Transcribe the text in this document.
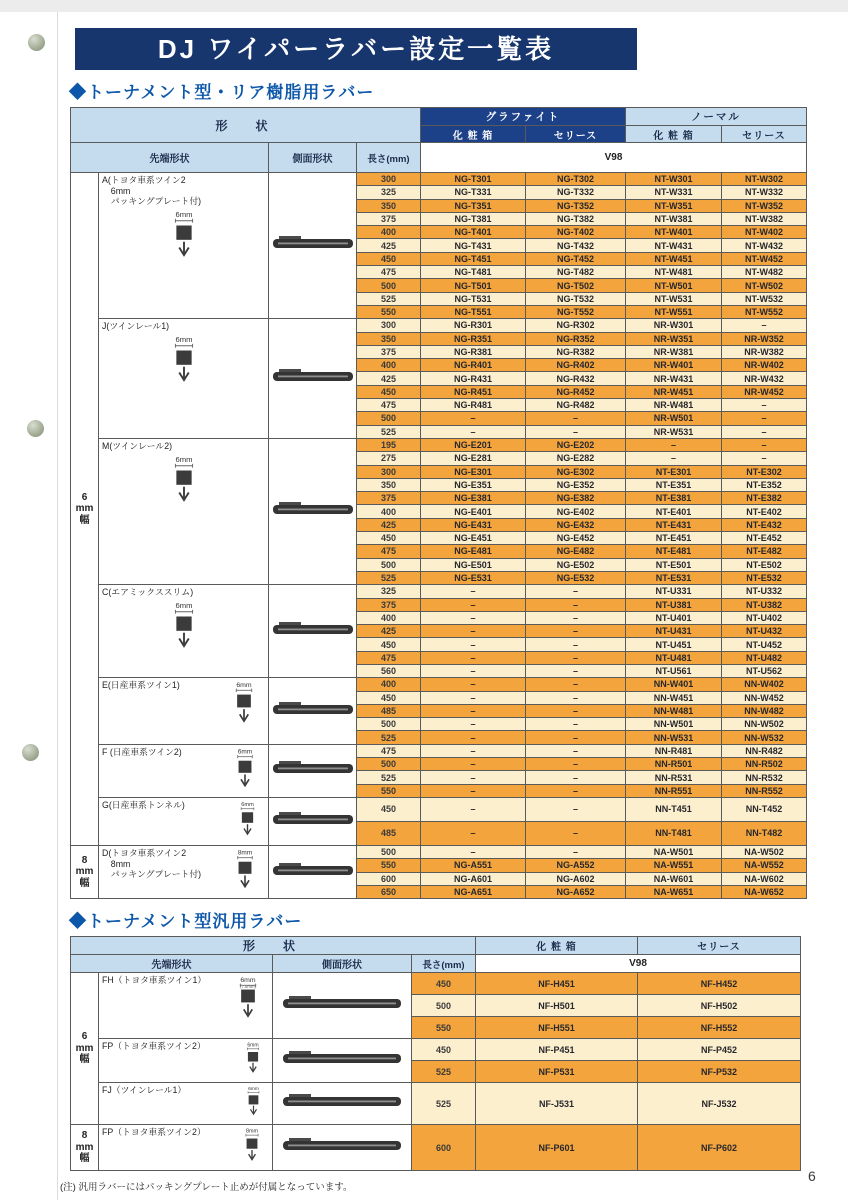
DJ ワイパーラバー設定一覧表
◆トーナメント型・リア樹脂用ラバー
形　状				グラファイト		ノーマル	
				化 粧 箱	セリース	化 粧 箱	セリース
先端形状		側面形状	長さ(mm)	V98			

6
mm
幅

A(トヨタ車系ツイン2
　6mm
　パッキングプレート付)
6mm
		300	NG-T301	NG-T302	NT-W301	NT-W302
			325	NG-T331	NG-T332	NT-W331	NT-W332
			350	NG-T351	NG-T352	NT-W351	NT-W352
			375	NG-T381	NG-T382	NT-W381	NT-W382
			400	NG-T401	NG-T402	NT-W401	NT-W402
			425	NG-T431	NG-T432	NT-W431	NT-W432
			450	NG-T451	NG-T452	NT-W451	NT-W452
			475	NG-T481	NG-T482	NT-W481	NT-W482
			500	NG-T501	NG-T502	NT-W501	NT-W502
			525	NG-T531	NG-T532	NT-W531	NT-W532
			550	NG-T551	NG-T552	NT-W551	NT-W552

	J(ツインレール1)
6mm		300	NG-R301	NG-R302	NR-W301	–
			350	NG-R351	NG-R352	NR-W351	NR-W352
			375	NG-R381	NG-R382	NR-W381	NR-W382
			400	NG-R401	NG-R402	NR-W401	NR-W402
			425	NG-R431	NG-R432	NR-W431	NR-W432
			450	NG-R451	NG-R452	NR-W451	NR-W452
			475	NG-R481	NG-R482	NR-W481	–
			500	–	–	NR-W501	–
			525	–	–	NR-W531	–

	M(ツインレール2)
6mm		195	NG-E201	NG-E202	–	–
			275	NG-E281	NG-E282	–	–
			300	NG-E301	NG-E302	NT-E301	NT-E302
			350	NG-E351	NG-E352	NT-E351	NT-E352
			375	NG-E381	NG-E382	NT-E381	NT-E382
			400	NG-E401	NG-E402	NT-E401	NT-E402
			425	NG-E431	NG-E432	NT-E431	NT-E432
			450	NG-E451	NG-E452	NT-E451	NT-E452
			475	NG-E481	NG-E482	NT-E481	NT-E482
			500	NG-E501	NG-E502	NT-E501	NT-E502
			525	NG-E531	NG-E532	NT-E531	NT-E532

	C(エアミックススリム)
6mm		325	–	–	NT-U331	NT-U332
			375	–	–	NT-U381	NT-U382
			400	–	–	NT-U401	NT-U402
			425	–	–	NT-U431	NT-U432
			450	–	–	NT-U451	NT-U452
			475	–	–	NT-U481	NT-U482
			560	–	–	NT-U561	NT-U562

	E(日産車系ツイン1) 6mm		400	–	–	NN-W401	NN-W402
			450	–	–	NN-W451	NN-W452
			485	–	–	NN-W481	NN-W482
			500	–	–	NN-W501	NN-W502
			525	–	–	NN-W531	NN-W532

	F (日産車系ツイン2) 6mm		475	–	–	NN-R481	NN-R482
			500	–	–	NN-R501	NN-R502
			525	–	–	NN-R531	NN-R532
			550	–	–	NN-R551	NN-R552

	G(日産車系トンネル) 6mm		450	–	–	NN-T451	NN-T452
			485	–	–	NN-T481	NN-T482

8
mm
幅

D(トヨタ車系ツイン2
　8mm
　パッキングプレート付)
8mm		500	–	–	NA-W501	NA-W502
			550	NG-A551	NG-A552	NA-W551	NA-W552
			600	NG-A601	NG-A602	NA-W601	NA-W602
			650	NG-A651	NG-A652	NA-W651	NA-W652
◆トーナメント型汎用ラバー
形　状				化 粧 箱	セリース
先端形状		側面形状	長さ(mm)	V98	

6
mm
幅

FH（トヨタ車系ツイン1）	6mm
(7.6mm)		450	NF-H451	NF-H452
			500	NF-H501	NF-H502
			550	NF-H551	NF-H552

	FP（トヨタ車系ツイン2） 6mm		450	NF-P451	NF-P452
			525	NF-P531	NF-P532

	FJ（ツインレール1） 6mm		525	NF-J531	NF-J532

8
mm
幅

FP（トヨタ車系ツイン2）	8mm
		600	NF-P601	NF-P602
(注) 汎用ラバーにはパッキングプレート止めが付属となっています。
6
